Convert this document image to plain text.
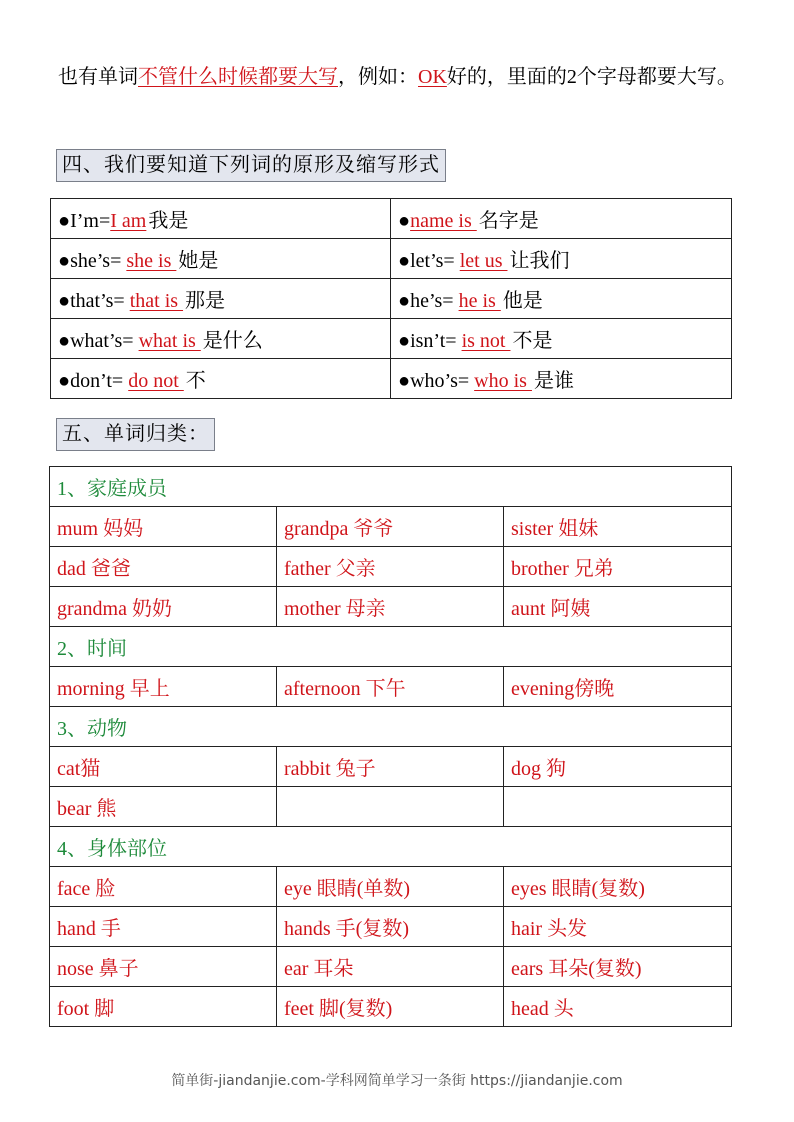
也有单词不管什么时候都要大写，例如：OK好的，里面的2个字母都要大写。
四、我们要知道下列词的原形及缩写形式
●I’m=I am 我是	●name is 名字是
●she’s= she is 她是	●let’s= let us 让我们
●that’s= that is 那是	●he’s= he is 他是
●what’s= what is 是什么	●isn’t= is not 不是
●don’t= do not 不	●who’s= who is 是谁
五、单词归类：
1、家庭成员		
mum 妈妈	grandpa 爷爷	sister 姐妹
dad 爸爸	father 父亲	brother 兄弟
grandma 奶奶	mother 母亲	aunt 阿姨
2、时间		
morning 早上	afternoon 下午	evening傍晚
3、动物		
cat猫	rabbit 兔子	dog 狗
bear 熊		
4、身体部位		
face 脸	eye 眼睛(单数)	eyes 眼睛(复数)
hand 手	hands 手(复数)	hair 头发
nose 鼻子	ear 耳朵	ears 耳朵(复数)
foot 脚	feet 脚(复数)	head 头
简单街-jiandanjie.com-学科网简单学习一条街 https://jiandanjie.com
